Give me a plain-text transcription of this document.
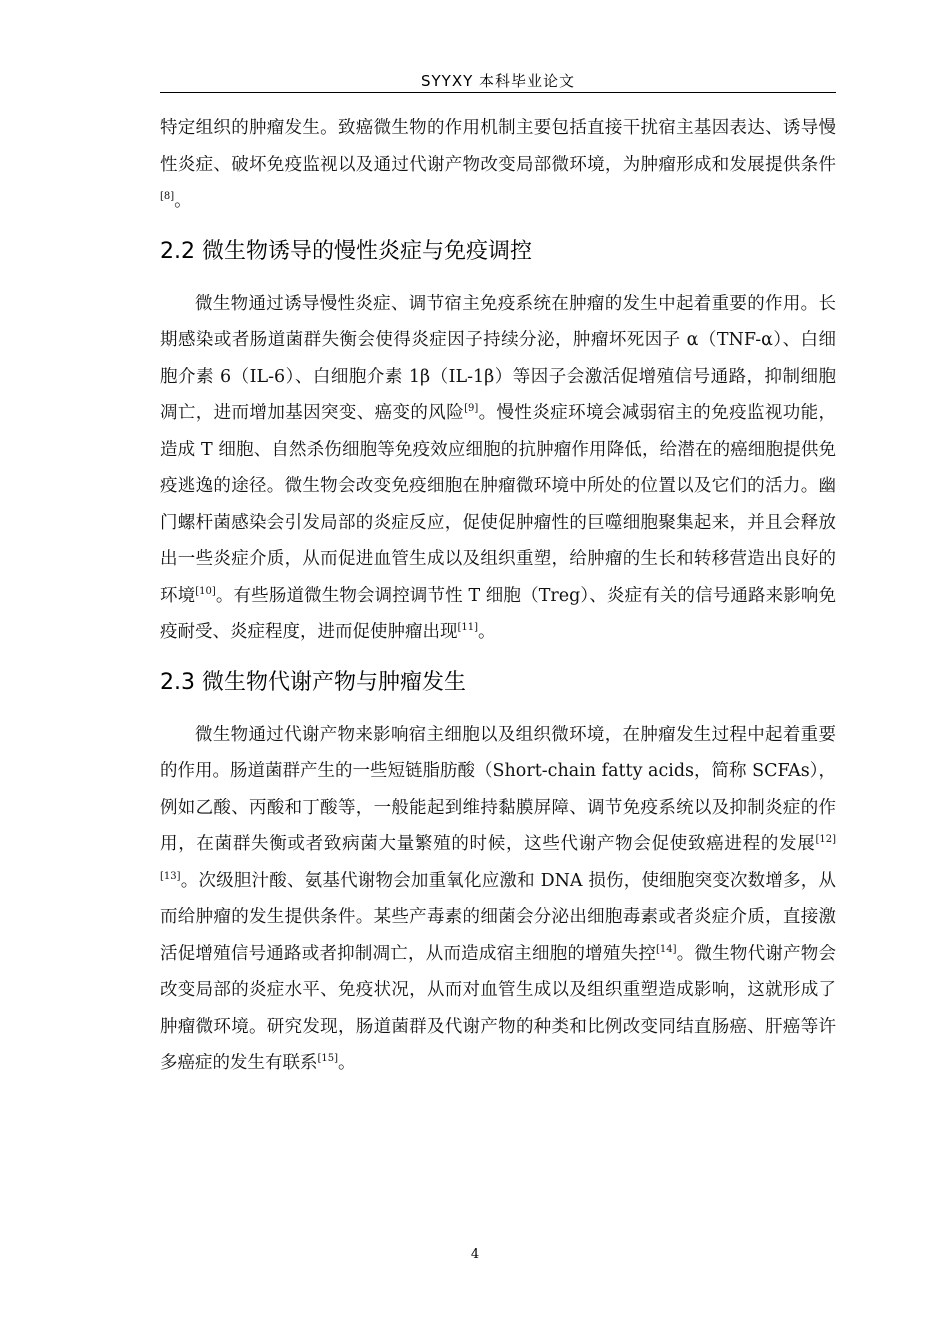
SYYXY 本科毕业论文

特定组织的肿瘤发生。致癌微生物的作用机制主要包括直接干扰宿主基因表达、诱导慢性炎症、破坏免疫监视以及通过代谢产物改变局部微环境，为肿瘤形成和发展提供条件[8]。

2.2 微生物诱导的慢性炎症与免疫调控

微生物通过诱导慢性炎症、调节宿主免疫系统在肿瘤的发生中起着重要的作用。长期感染或者肠道菌群失衡会使得炎症因子持续分泌，肿瘤坏死因子 α（TNF-α）、白细胞介素 6（IL-6）、白细胞介素 1β（IL-1β）等因子会激活促增殖信号通路，抑制细胞凋亡，进而增加基因突变、癌变的风险[9]。慢性炎症环境会减弱宿主的免疫监视功能，造成 T 细胞、自然杀伤细胞等免疫效应细胞的抗肿瘤作用降低，给潜在的癌细胞提供免疫逃逸的途径。微生物会改变免疫细胞在肿瘤微环境中所处的位置以及它们的活力。幽门螺杆菌感染会引发局部的炎症反应，促使促肿瘤性的巨噬细胞聚集起来，并且会释放出一些炎症介质，从而促进血管生成以及组织重塑，给肿瘤的生长和转移营造出良好的环境[10]。有些肠道微生物会调控调节性 T 细胞（Treg）、炎症有关的信号通路来影响免疫耐受、炎症程度，进而促使肿瘤出现[11]。

2.3 微生物代谢产物与肿瘤发生

微生物通过代谢产物来影响宿主细胞以及组织微环境，在肿瘤发生过程中起着重要的作用。肠道菌群产生的一些短链脂肪酸（Short-chain fatty acids，简称 SCFAs），例如乙酸、丙酸和丁酸等，一般能起到维持黏膜屏障、调节免疫系统以及抑制炎症的作用，在菌群失衡或者致病菌大量繁殖的时候，这些代谢产物会促使致癌进程的发展[12][13]。次级胆汁酸、氨基代谢物会加重氧化应激和 DNA 损伤，使细胞突变次数增多，从而给肿瘤的发生提供条件。某些产毒素的细菌会分泌出细胞毒素或者炎症介质，直接激活促增殖信号通路或者抑制凋亡，从而造成宿主细胞的增殖失控[14]。微生物代谢产物会改变局部的炎症水平、免疫状况，从而对血管生成以及组织重塑造成影响，这就形成了肿瘤微环境。研究发现，肠道菌群及代谢产物的种类和比例改变同结直肠癌、肝癌等许多癌症的发生有联系[15]。

4
